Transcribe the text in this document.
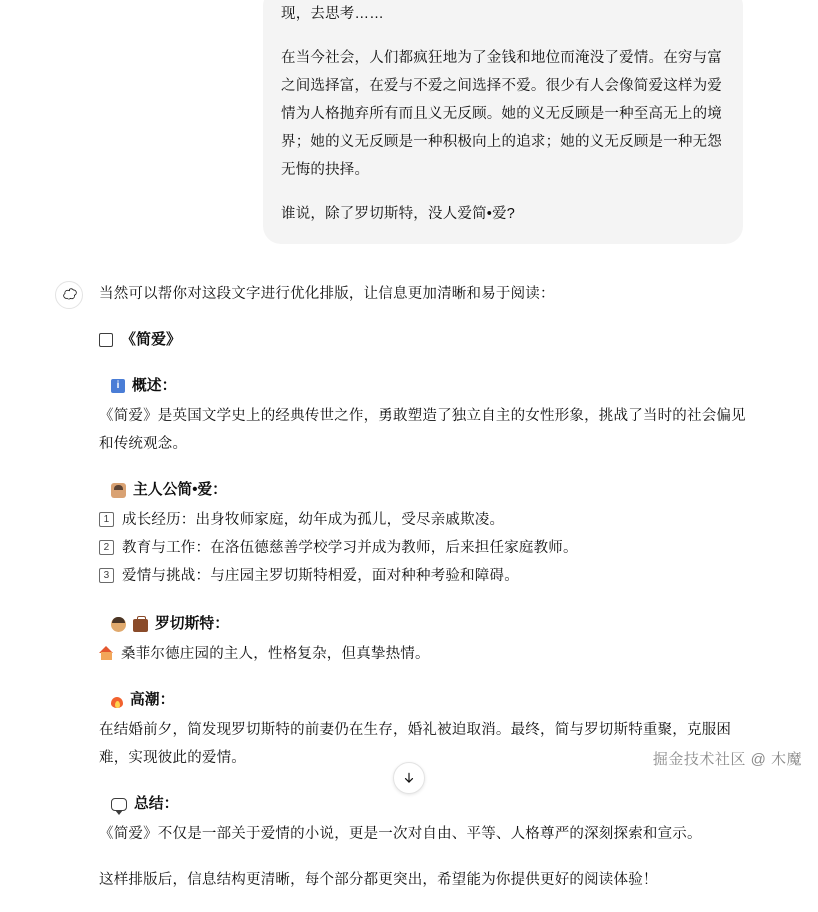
现，去思考……

在当今社会，人们都疯狂地为了金钱和地位而淹没了爱情。在穷与富之间选择富，在爱与不爱之间选择不爱。很少有人会像简爱这样为爱情为人格抛弃所有而且义无反顾。她的义无反顾是一种至高无上的境界；她的义无反顾是一种积极向上的追求；她的义无反顾是一种无怨无悔的抉择。

谁说，除了罗切斯特，没人爱简•爱?

当然可以帮你对这段文字进行优化排版，让信息更加清晰和易于阅读：

《简爱》
i 概述：

《简爱》是英国文学史上的经典传世之作，勇敢塑造了独立自主的女性形象，挑战了当时的社会偏见和传统观念。

主人公简•爱：
1 成长经历：出身牧师家庭，幼年成为孤儿，受尽亲戚欺凌。
2 教育与工作：在洛伍德慈善学校学习并成为教师，后来担任家庭教师。
3 爱情与挑战：与庄园主罗切斯特相爱，面对种种考验和障碍。
罗切斯特：

桑菲尔德庄园的主人，性格复杂，但真挚热情。

高潮：

在结婚前夕，简发现罗切斯特的前妻仍在生存，婚礼被迫取消。最终，简与罗切斯特重聚，克服困难，实现彼此的爱情。

总结：

《简爱》不仅是一部关于爱情的小说，更是一次对自由、平等、人格尊严的深刻探索和宣示。

这样排版后，信息结构更清晰，每个部分都更突出，希望能为你提供更好的阅读体验！

掘金技术社区 @ 木魔
